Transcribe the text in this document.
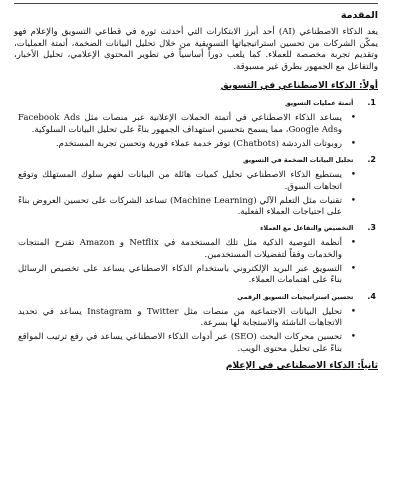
المقدمة

يعد الذكاء الاصطناعي (AI) أحد أبرز الابتكارات التي أحدثت ثورة في قطاعي التسويق والإعلام فهو يمكّن الشركات من تحسين استراتيجياتها التسويقية من خلال تحليل البيانات الضخمة، أتمتة العمليات، وتقديم تجربة مخصصة للعملاء. كما يلعب دوراً أساسياً في تطوير المحتوى الإعلامي، تحليل الأخبار، والتفاعل مع الجمهور بطرق غير مسبوقة.

أولاً: الذكاء الاصطناعي في التسويق
1.
أتمتة عمليات التسويق
•
يساعد الذكاء الاصطناعي في أتمتة الحملات الإعلانية عبر منصات مثل Facebook Ads وGoogle Ads، مما يسمح بتحسين استهداف الجمهور بناءً على تحليل البيانات السلوكية.
•
روبوتات الدردشة (Chatbots) توفر خدمة عملاء فورية وتحسن تجربة المستخدم.
2.
تحليل البيانات الضخمة في التسويق
•
يستطيع الذكاء الاصطناعي تحليل كميات هائلة من البيانات لفهم سلوك المستهلك وتوقع اتجاهات السوق.
•
تقنيات مثل التعلم الآلي (Machine Learning) تساعد الشركات على تحسين العروض بناءً على احتياجات العملاء الفعلية.
3.
التخصيص والتفاعل مع العملاء
•
أنظمة التوصية الذكية مثل تلك المستخدمة في Netflix و Amazon تقترح المنتجات والخدمات وفقاً لتفضيلات المستخدمين.
•
التسويق عبر البريد الإلكتروني باستخدام الذكاء الاصطناعي يساعد على تخصيص الرسائل بناءً على اهتمامات العملاء.
4.
تحسين استراتيجيات التسويق الرقمي
•
تحليل البيانات الاجتماعية من منصات مثل Twitter و Instagram يساعد في تحديد الاتجاهات الناشئة والاستجابة لها بسرعة.
•
تحسين محركات البحث (SEO) عبر أدوات الذكاء الاصطناعي يساعد في رفع ترتيب المواقع بناءً على تحليل محتوى الويب.
ثانياً: الذكاء الاصطناعي في الإعلام
